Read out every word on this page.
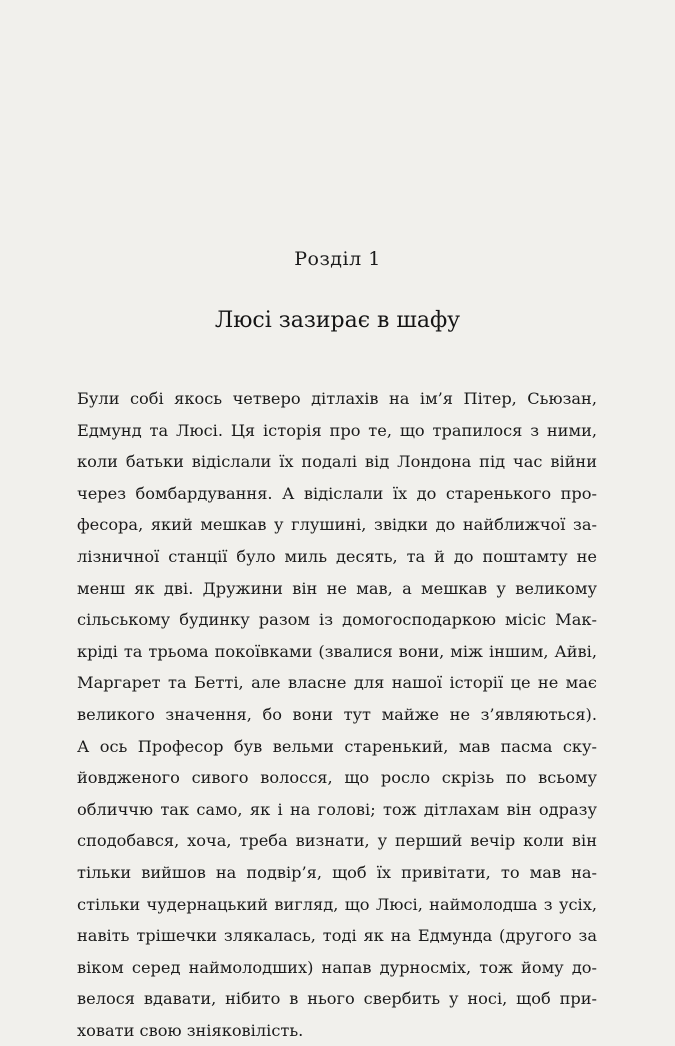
Розділ 1
Люсі зазирає в шафу
Були собі якось четверо дітлахів на ім’я Пітер, Сьюзан,
Едмунд та Люсі. Ця історія про те, що трапилося з ними,
коли батьки відіслали їх подалі від Лондона під час війни
через бомбардування. А відіслали їх до старенького про-
фесора, який мешкав у глушині, звідки до найближчої за-
лізничної станції було миль десять, та й до поштамту не
менш як дві. Дружини він не мав, а мешкав у великому
сільському будинку разом із домогосподаркою місіс Мак-
кріді та трьома покоївками (звалися вони, між іншим, Айві,
Маргарет та Бетті, але власне для нашої історії це не має
великого значення, бо вони тут майже не з’являються).
А ось Професор був вельми старенький, мав пасма ску-
йовдженого сивого волосся, що росло скрізь по всьому
обличчю так само, як і на голові; тож дітлахам він одразу
сподобався, хоча, треба визнати, у перший вечір коли він
тільки вийшов на подвір’я, щоб їх привітати, то мав на-
стільки чудернацький вигляд, що Люсі, наймолодша з усіх,
навіть трішечки злякалась, тоді як на Едмунда (другого за
віком серед наймолодших) напав дурносміх, тож йому до-
велося вдавати, нібито в нього свербить у носі, щоб при-
ховати свою зніяковілість.
